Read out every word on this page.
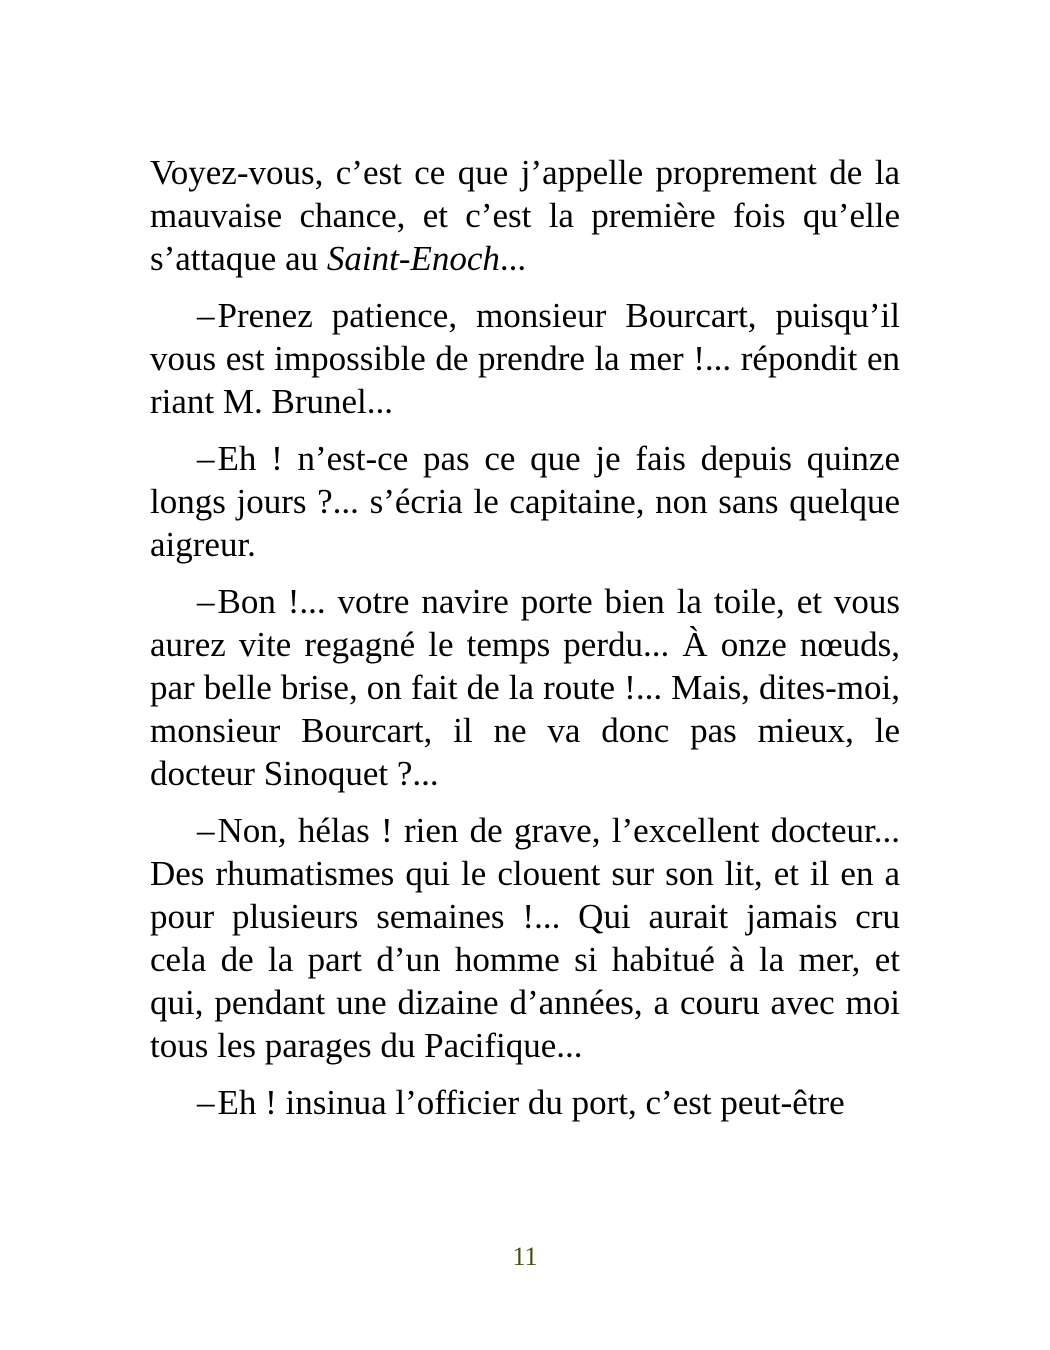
Voyez-vous, c’est ce que j’appelle proprement de la mauvaise chance, et c’est la première fois qu’elle s’attaque au Saint-Enoch...

–Prenez patience, monsieur Bourcart, puisqu’il vous est impossible de prendre la mer !... répondit en riant M. Brunel...

–Eh ! n’est-ce pas ce que je fais depuis quinze longs jours ?... s’écria le capitaine, non sans quelque aigreur.

–Bon !... votre navire porte bien la toile, et vous aurez vite regagné le temps perdu... À onze nœuds, par belle brise, on fait de la route !... Mais, dites-moi, monsieur Bourcart, il ne va donc pas mieux, le docteur Sinoquet ?...

–Non, hélas ! rien de grave, l’excellent docteur... Des rhumatismes qui le clouent sur son lit, et il en a pour plusieurs semaines !... Qui aurait jamais cru cela de la part d’un homme si habitué à la mer, et qui, pendant une dizaine d’années, a couru avec moi tous les parages du Pacifique...

–Eh ! insinua l’officier du port, c’est peut-être

11
